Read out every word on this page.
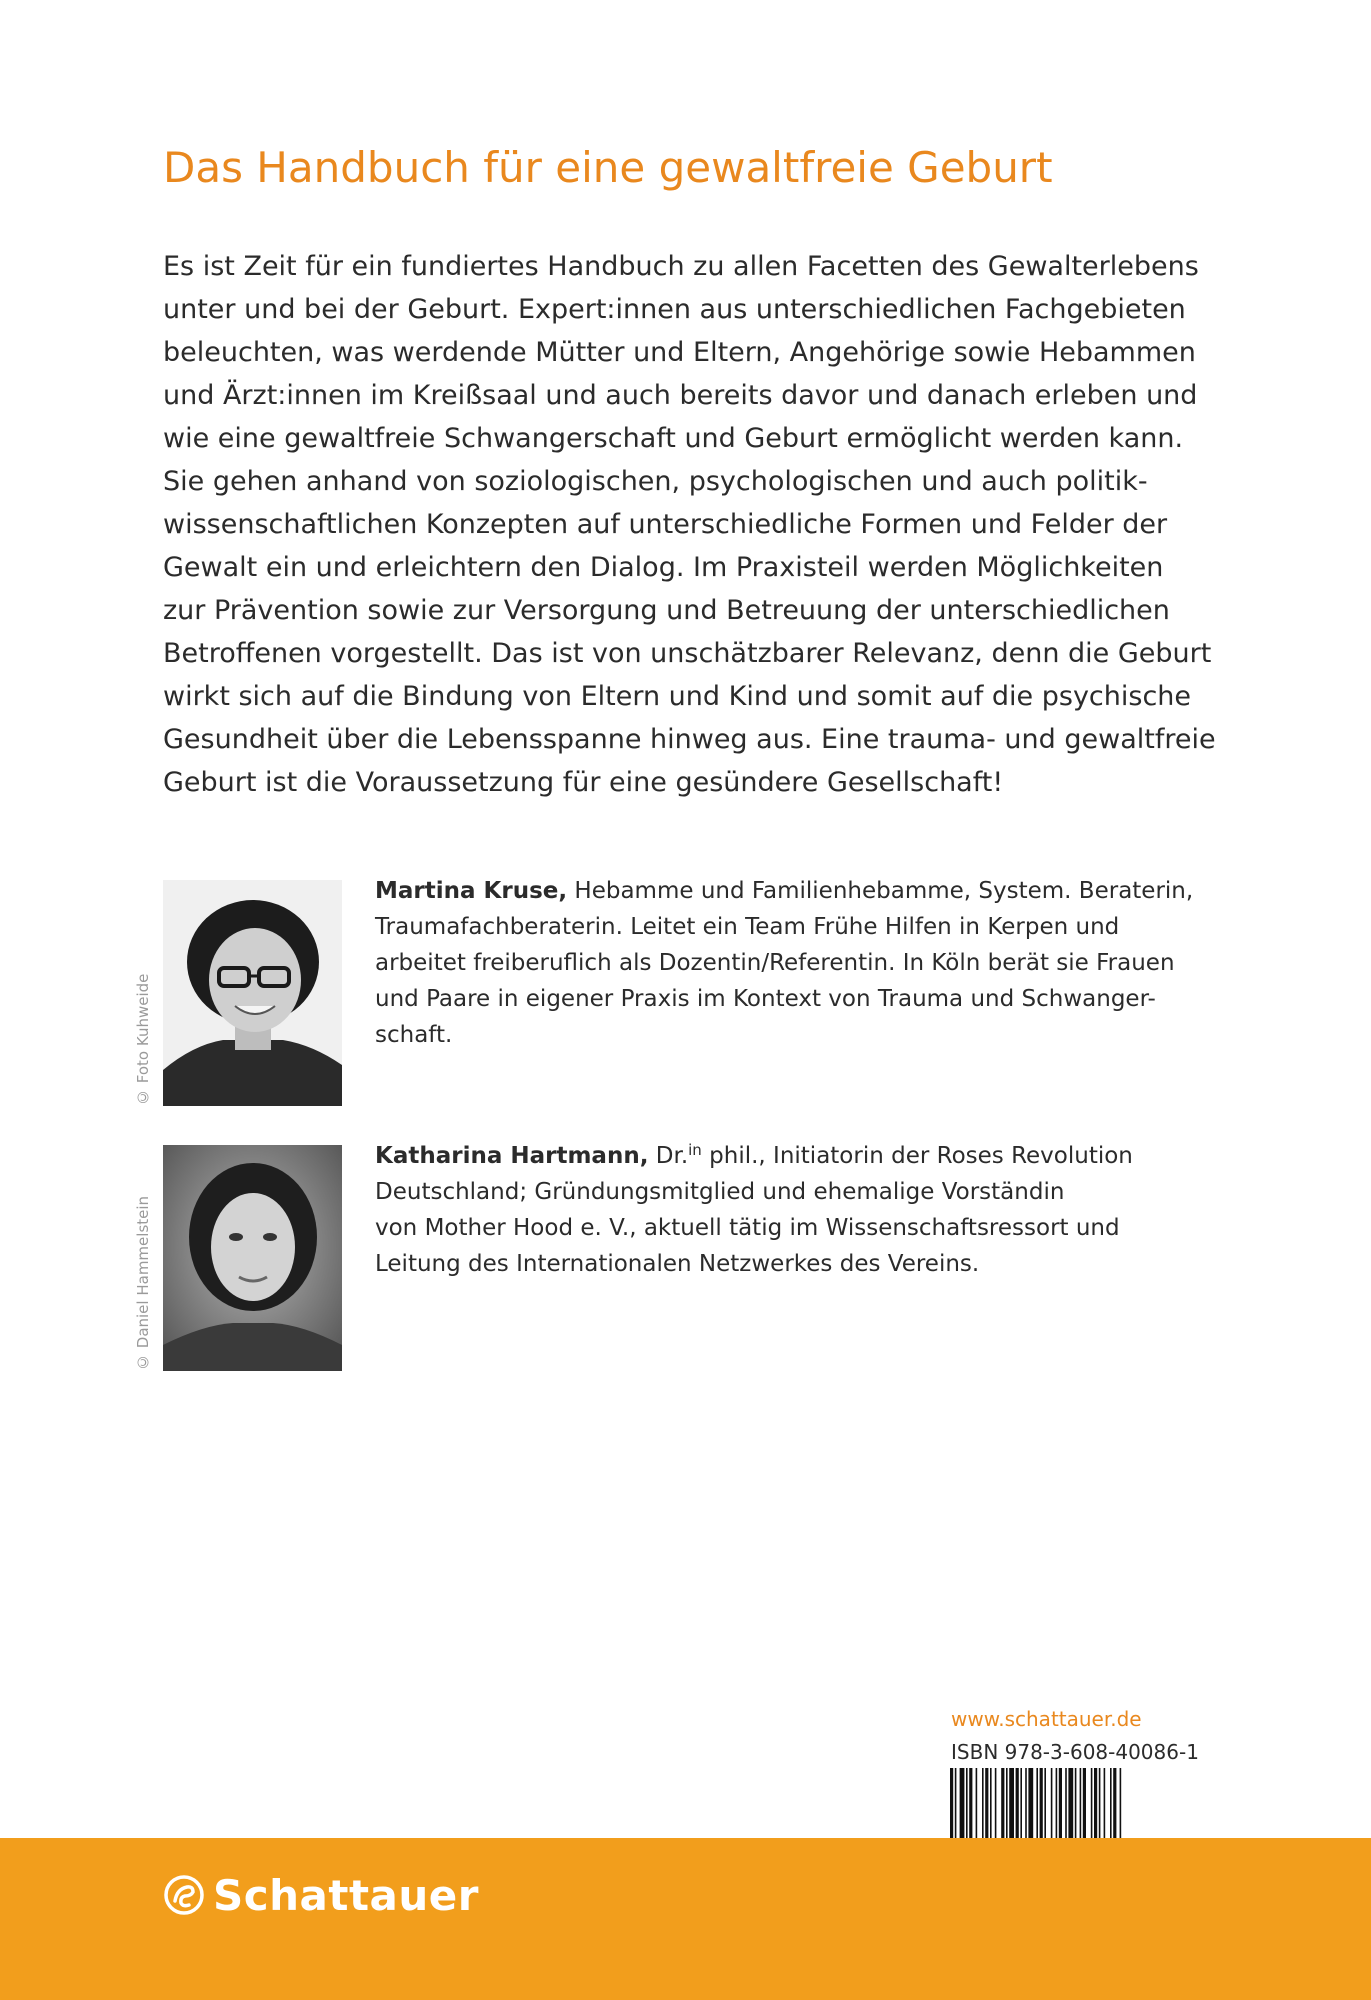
Das Handbuch für eine gewaltfreie Geburt
Es ist Zeit für ein fundiertes Handbuch zu allen Facetten des Gewalterlebens
unter und bei der Geburt. Expert:innen aus unterschiedlichen Fachgebieten
beleuchten, was werdende Mütter und Eltern, Angehörige sowie Hebammen
und Ärzt:innen im Kreißsaal und auch bereits davor und danach erleben und
wie eine gewaltfreie Schwangerschaft und Geburt ermöglicht werden kann.
Sie gehen anhand von soziologischen, psychologischen und auch politik-
wissenschaftlichen Konzepten auf unterschiedliche Formen und Felder der
Gewalt ein und erleichtern den Dialog. Im Praxisteil werden Möglichkeiten
zur Prävention sowie zur Versorgung und Betreuung der unterschiedlichen
Betroffenen vorgestellt. Das ist von unschätzbarer Relevanz, denn die Geburt
wirkt sich auf die Bindung von Eltern und Kind und somit auf die psychische
Gesundheit über die Lebensspanne hinweg aus. Eine trauma- und gewaltfreie
Geburt ist die Voraussetzung für eine gesündere Gesellschaft!
© Foto Kuhweide
Martina Kruse, Hebamme und Familienhebamme, System. Beraterin,
Traumafachberaterin. Leitet ein Team Frühe Hilfen in Kerpen und
arbeitet freiberuflich als Dozentin/Referentin. In Köln berät sie Frauen
und Paare in eigener Praxis im Kontext von Trauma und Schwanger-
schaft.
© Daniel Hammelstein
Katharina Hartmann, Dr.$^{in}$ phil., Initiatorin der Roses Revolution
Deutschland; Gründungsmitglied und ehemalige Vorständin
von Mother Hood e. V., aktuell tätig im Wissenschaftsressort und
Leitung des Internationalen Netzwerkes des Vereins.
www.schattauer.de
ISBN 978-3-608-40086-1
Schattauer
